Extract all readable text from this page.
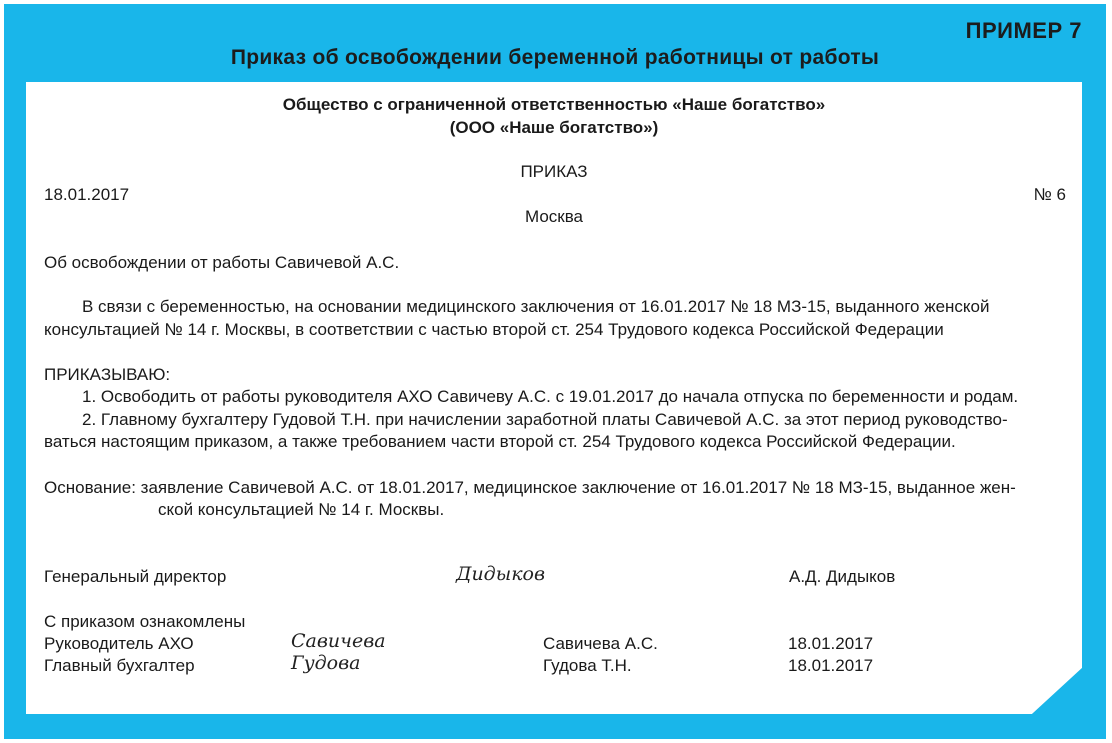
ПРИМЕР 7
Приказ об освобождении беременной работницы от работы
Общество с ограниченной ответственностью «Наше богатство»
(ООО «Наше богатство»)
ПРИКАЗ
18.01.2017	№ 6
Москва
Об освобождении от работы Савичевой А.С.
В связи с беременностью, на основании медицинского заключения от 16.01.2017 № 18 МЗ-15, выданного женской
консультацией № 14 г. Москвы, в соответствии с частью второй ст. 254 Трудового кодекса Российской Федерации
ПРИКАЗЫВАЮ:
1. Освободить от работы руководителя АХО Савичеву А.С. с 19.01.2017 до начала отпуска по беременности и родам.
2. Главному бухгалтеру Гудовой Т.Н. при начислении заработной платы Савичевой А.С. за этот период руководство-
ваться настоящим приказом, а также требованием части второй ст. 254 Трудового кодекса Российской Федерации.
Основание: заявление Савичевой А.С. от 18.01.2017, медицинское заключение от 16.01.2017 № 18 МЗ-15, выданное жен-
ской консультацией № 14 г. Москвы.
Генеральный директор	Дидыков	А.Д. Дидыков
С приказом ознакомлены
Руководитель АХО	Савичева	Савичева А.С.	18.01.2017
Главный бухгалтер	Гудова	Гудова Т.Н.	18.01.2017
